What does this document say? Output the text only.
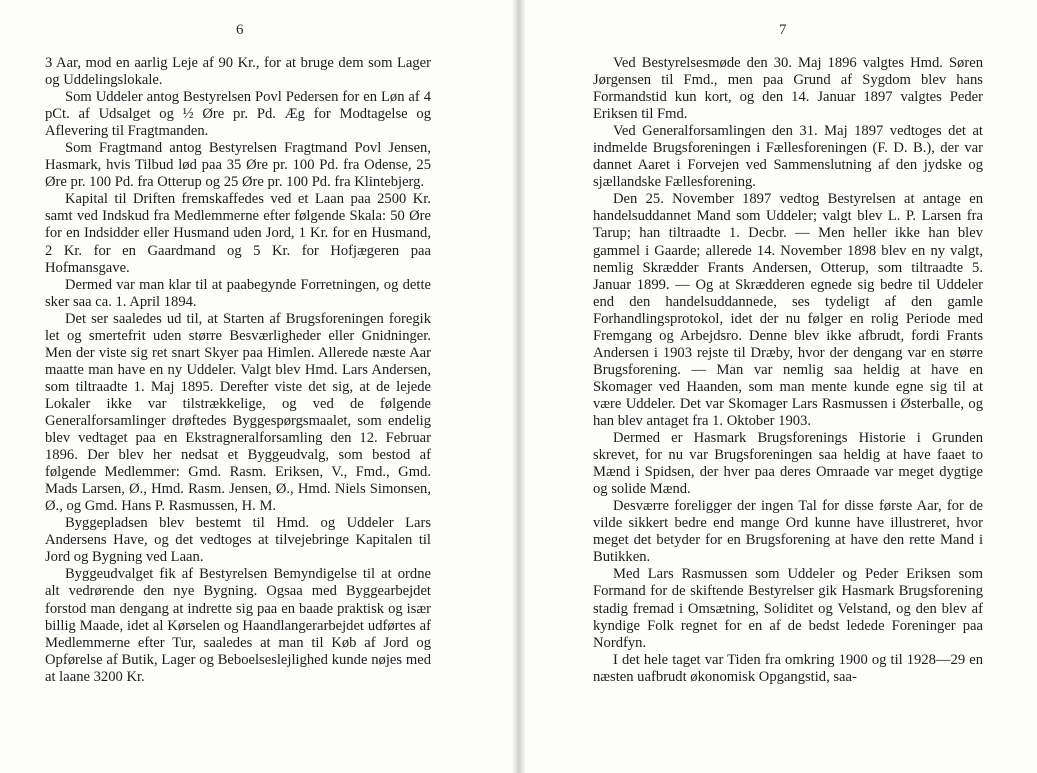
6

3 Aar, mod en aarlig Leje af 90 Kr., for at bruge dem som Lager og Uddelingslokale.

Som Uddeler antog Bestyrelsen Povl Pedersen for en Løn af 4 pCt. af Udsalget og ½ Øre pr. Pd. Æg for Modtagelse og Aflevering til Fragtmanden.

Som Fragtmand antog Bestyrelsen Fragtmand Povl Jensen, Hasmark, hvis Tilbud lød paa 35 Øre pr. 100 Pd. fra Odense, 25 Øre pr. 100 Pd. fra Otterup og 25 Øre pr. 100 Pd. fra Klintebjerg.

Kapital til Driften fremskaffedes ved et Laan paa 2500 Kr. samt ved Indskud fra Medlemmerne efter følgende Skala: 50 Øre for en Indsidder eller Husmand uden Jord, 1 Kr. for en Husmand, 2 Kr. for en Gaardmand og 5 Kr. for Hofjægeren paa Hofmansgave.

Dermed var man klar til at paabegynde Forretningen, og dette sker saa ca. 1. April 1894.

Det ser saaledes ud til, at Starten af Brugsforeningen foregik let og smertefrit uden større Besværligheder eller Gnidninger. Men der viste sig ret snart Skyer paa Himlen. Allerede næste Aar maatte man have en ny Uddeler. Valgt blev Hmd. Lars Andersen, som tiltraadte 1. Maj 1895. Derefter viste det sig, at de lejede Lokaler ikke var tilstrækkelige, og ved de følgende Generalforsamlinger drøftedes Byggespørgsmaalet, som endelig blev vedtaget paa en Ekstragneralforsamling den 12. Februar 1896. Der blev her nedsat et Byggeudvalg, som bestod af følgende Medlemmer: Gmd. Rasm. Eriksen, V., Fmd., Gmd. Mads Larsen, Ø., Hmd. Rasm. Jensen, Ø., Hmd. Niels Simonsen, Ø., og Gmd. Hans P. Rasmussen, H. M.

Byggepladsen blev bestemt til Hmd. og Uddeler Lars Andersens Have, og det vedtoges at tilvejebringe Kapitalen til Jord og Bygning ved Laan.

Byggeudvalget fik af Bestyrelsen Bemyndigelse til at ordne alt vedrørende den nye Bygning. Ogsaa med Byggearbejdet forstod man dengang at indrette sig paa en baade praktisk og især billig Maade, idet al Kørselen og Haandlangerarbejdet udførtes af Medlemmerne efter Tur, saaledes at man til Køb af Jord og Opførelse af Butik, Lager og Beboelseslejlighed kunde nøjes med at laane 3200 Kr.

7

Ved Bestyrelsesmøde den 30. Maj 1896 valgtes Hmd. Søren Jørgensen til Fmd., men paa Grund af Sygdom blev hans Formandstid kun kort, og den 14. Januar 1897 valgtes Peder Eriksen til Fmd.

Ved Generalforsamlingen den 31. Maj 1897 vedtoges det at indmelde Brugsforeningen i Fællesforeningen (F. D. B.), der var dannet Aaret i Forvejen ved Sammenslutning af den jydske og sjællandske Fællesforening.

Den 25. November 1897 vedtog Bestyrelsen at antage en handelsuddannet Mand som Uddeler; valgt blev L. P. Larsen fra Tarup; han tiltraadte 1. Decbr. — Men heller ikke han blev gammel i Gaarde; allerede 14. November 1898 blev en ny valgt, nemlig Skrædder Frants Andersen, Otterup, som tiltraadte 5. Januar 1899. — Og at Skrædderen egnede sig bedre til Uddeler end den handelsuddannede, ses tydeligt af den gamle Forhandlingsprotokol, idet der nu følger en rolig Periode med Fremgang og Arbejdsro. Denne blev ikke afbrudt, fordi Frants Andersen i 1903 rejste til Dræby, hvor der dengang var en større Brugsforening. — Man var nemlig saa heldig at have en Skomager ved Haanden, som man mente kunde egne sig til at være Uddeler. Det var Skomager Lars Rasmussen i Østerballe, og han blev antaget fra 1. Oktober 1903.

Dermed er Hasmark Brugsforenings Historie i Grunden skrevet, for nu var Brugsforeningen saa heldig at have faaet to Mænd i Spidsen, der hver paa deres Omraade var meget dygtige og solide Mænd.

Desværre foreligger der ingen Tal for disse første Aar, for de vilde sikkert bedre end mange Ord kunne have illustreret, hvor meget det betyder for en Brugsforening at have den rette Mand i Butikken.

Med Lars Rasmussen som Uddeler og Peder Eriksen som Formand for de skiftende Bestyrelser gik Hasmark Brugsforening stadig fremad i Omsætning, Soliditet og Velstand, og den blev af kyndige Folk regnet for en af de bedst ledede Foreninger paa Nordfyn.

I det hele taget var Tiden fra omkring 1900 og til 1928—29 en næsten uafbrudt økonomisk Opgangstid, saa-
